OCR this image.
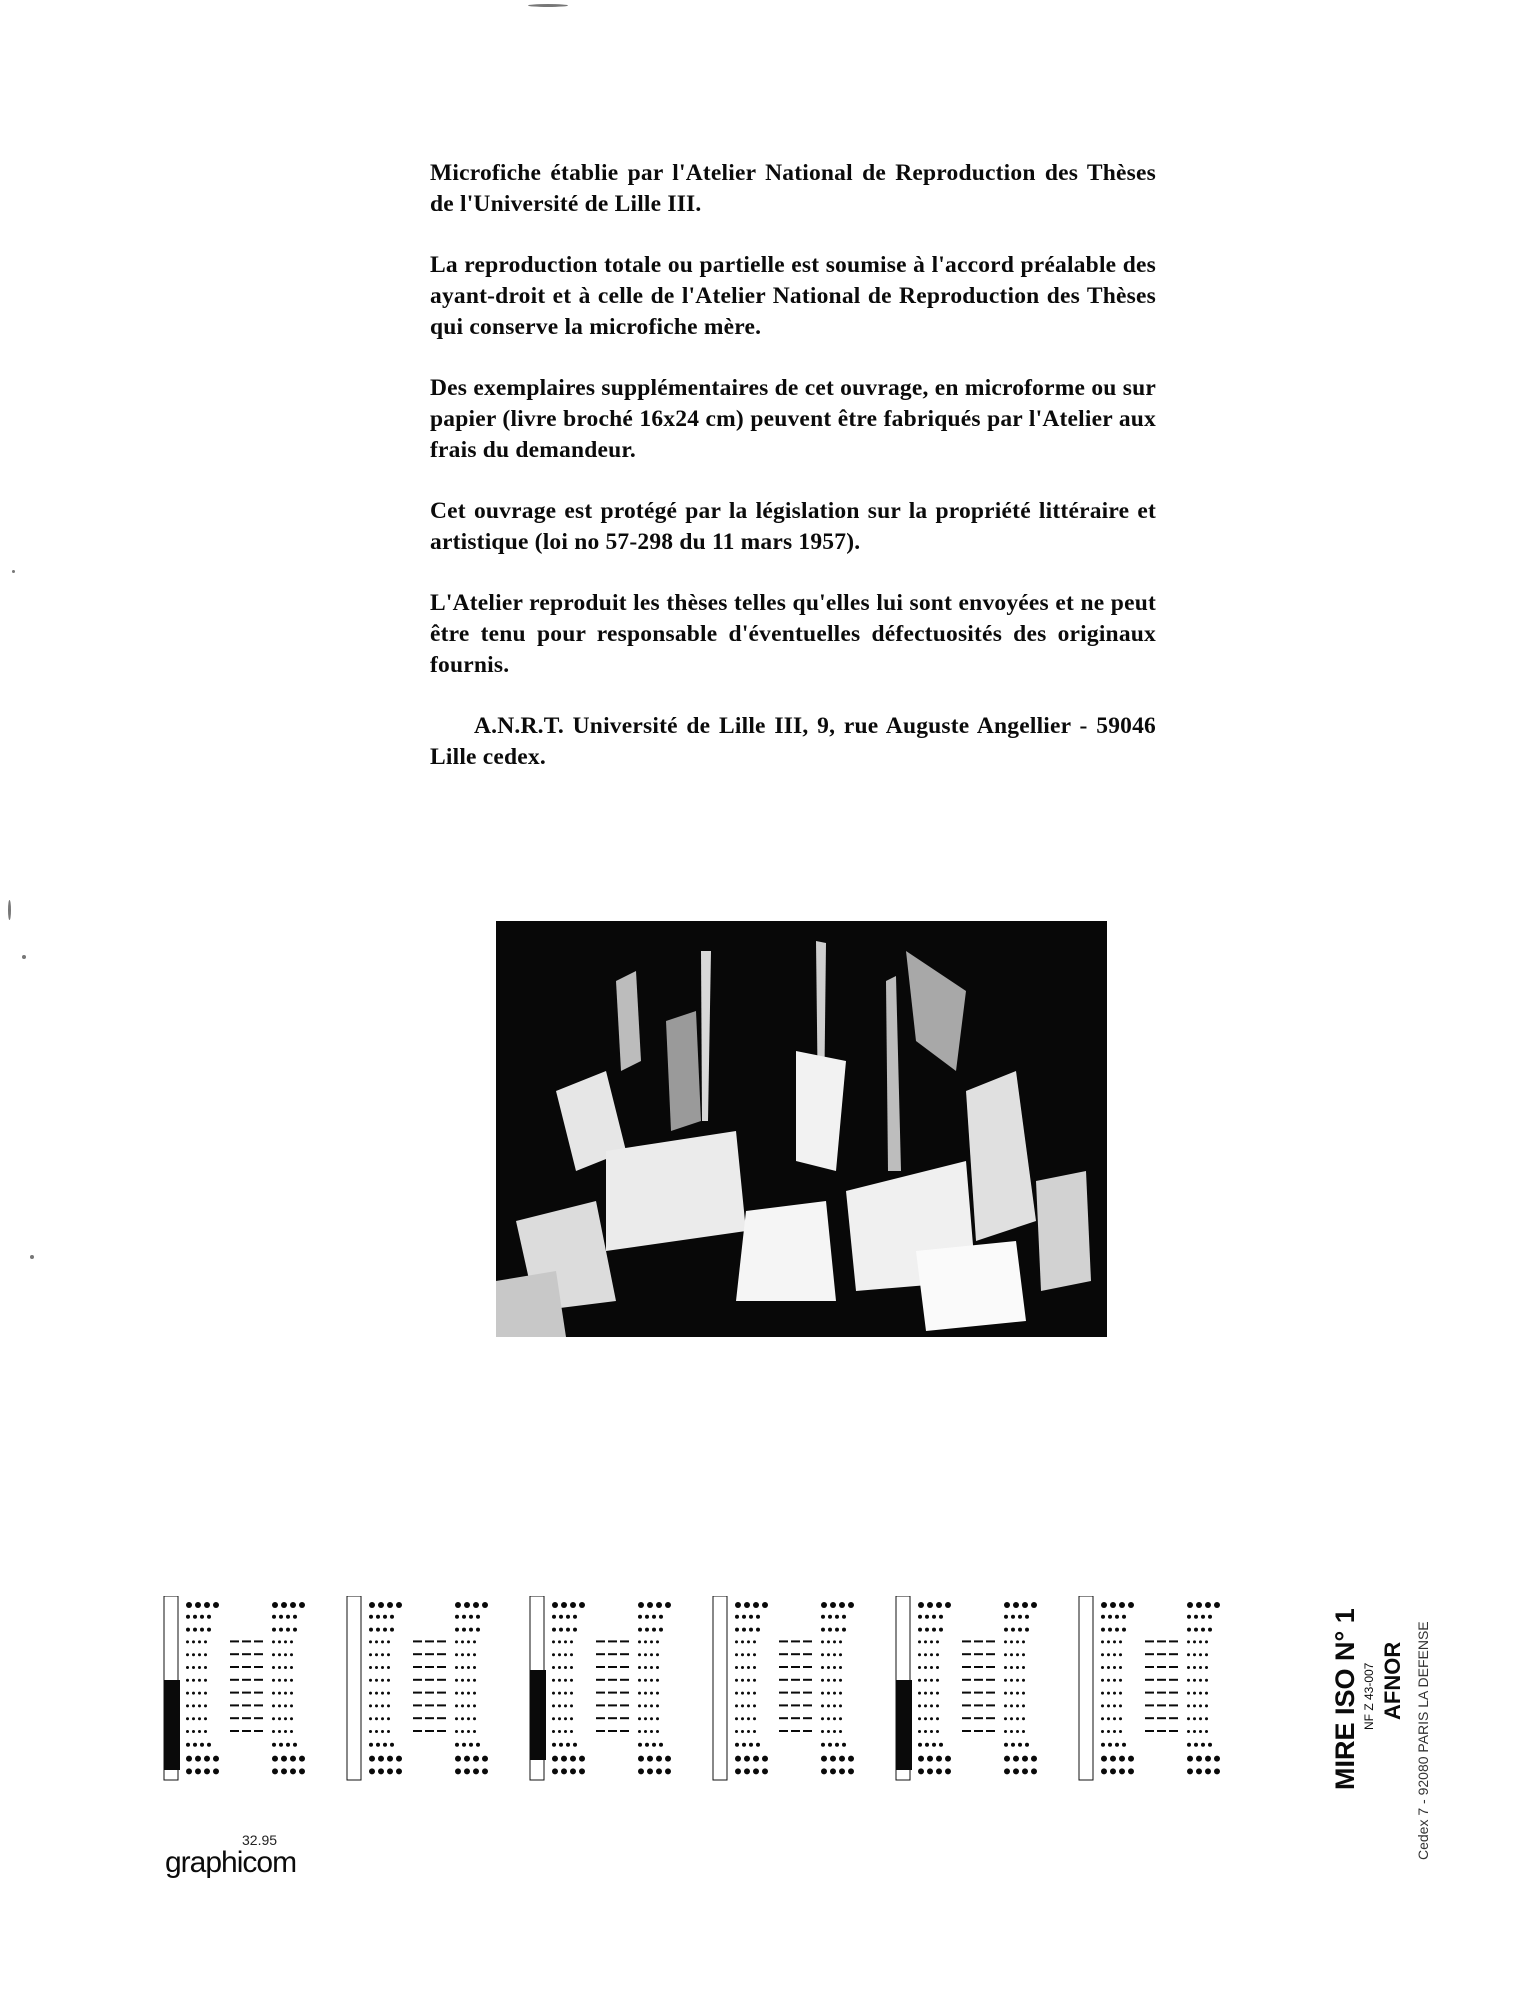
Microfiche établie par l'Atelier National de Reproduction des Thèses de l'Université de Lille III.

La reproduction totale ou partielle est soumise à l'accord préalable des ayant-droit et à celle de l'Atelier National de Reproduction des Thèses qui conserve la microfiche mère.

Des exemplaires supplémentaires de cet ouvrage, en microforme ou sur papier (livre broché 16x24 cm) peuvent être fabriqués par l'Atelier aux frais du demandeur.

Cet ouvrage est protégé par la législation sur la propriété littéraire et artistique (loi no 57-298 du 11 mars 1957).

L'Atelier reproduit les thèses telles qu'elles lui sont envoyées et ne peut être tenu pour responsable d'éventuelles défectuosités des originaux fournis.

A.N.R.T. Université de Lille III, 9, rue Auguste Angellier - 59046 Lille cedex.

32.95
graphicom
MIRE ISO N° 1 NF Z 43-007 AFNOR Cedex 7 - 92080 PARIS LA DEFENSE
